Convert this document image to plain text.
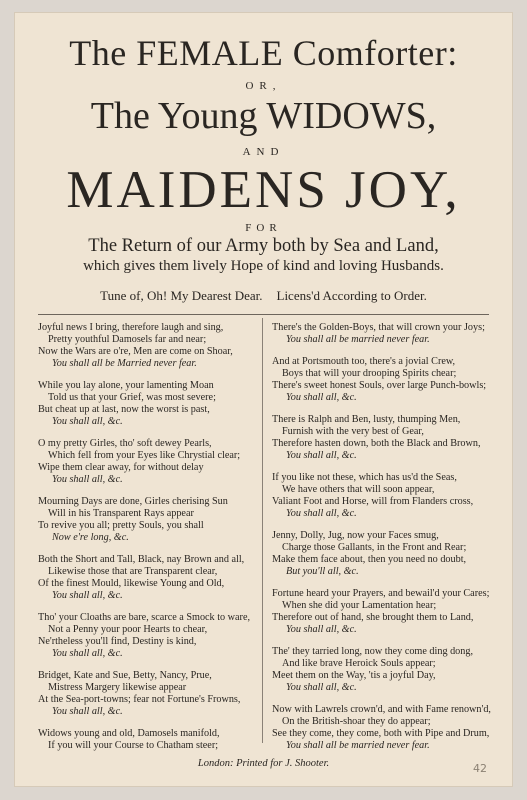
The FEMALE Comforter:
OR,
The Young WIDOWS,
AND
MAIDENS JOY,
FOR
The Return of our Army both by Sea and Land,
which gives them lively Hope of kind and loving Husbands.
Tune of, Oh! My Dearest Dear. Licens'd According to Order.
Joyful news I bring, therefore laugh and sing,
Pretty youthful Damosels far and near;
Now the Wars are o're, Men are come on Shoar,
You shall all be Married never fear.
While you lay alone, your lamenting Moan
Told us that your Grief, was most severe;
But cheat up at last, now the worst is past,
You shall all, &c.
O my pretty Girles, tho' soft dewey Pearls,
Which fell from your Eyes like Chrystial clear;
Wipe them clear away, for without delay
You shall all, &c.
Mourning Days are done, Girles cherising Sun
Will in his Transparent Rays appear
To revive you all; pretty Souls, you shall
Now e're long, &c.
Both the Short and Tall, Black, nay Brown and all,
Likewise those that are Transparent clear,
Of the finest Mould, likewise Young and Old,
You shall all, &c.
Tho' your Cloaths are bare, scarce a Smock to ware,
Not a Penny your poor Hearts to chear,
Ne'rtheless you'll find, Destiny is kind,
You shall all, &c.
Bridget, Kate and Sue, Betty, Nancy, Prue,
Mistress Margery likewise appear
At the Sea-port-towns; fear not Fortune's Frowns,
You shall all, &c.
Widows young and old, Damosels manifold,
If you will your Course to Chatham steer;
There's the Golden-Boys, that will crown your Joys;
You shall all be married never fear.
And at Portsmouth too, there's a jovial Crew,
Boys that will your drooping Spirits chear;
There's sweet honest Souls, over large Punch-bowls;
You shall all, &c.
There is Ralph and Ben, lusty, thumping Men,
Furnish with the very best of Gear,
Therefore hasten down, both the Black and Brown,
You shall all, &c.
If you like not these, which has us'd the Seas,
We have others that will soon appear,
Valiant Foot and Horse, will from Flanders cross,
You shall all, &c.
Jenny, Dolly, Jug, now your Faces smug,
Charge those Gallants, in the Front and Rear;
Make them face about, then you need no doubt,
But you'll all, &c.
Fortune heard your Prayers, and bewail'd your Cares;
When she did your Lamentation hear;
Therefore out of hand, she brought them to Land,
You shall all, &c.
The' they tarried long, now they come ding dong,
And like brave Heroick Souls appear;
Meet them on the Way, 'tis a joyful Day,
You shall all, &c.
Now with Lawrels crown'd, and with Fame renown'd,
On the British-shoar they do appear;
See they come, they come, both with Pipe and Drum,
You shall all be married never fear.
London: Printed for J. Shooter.	42
